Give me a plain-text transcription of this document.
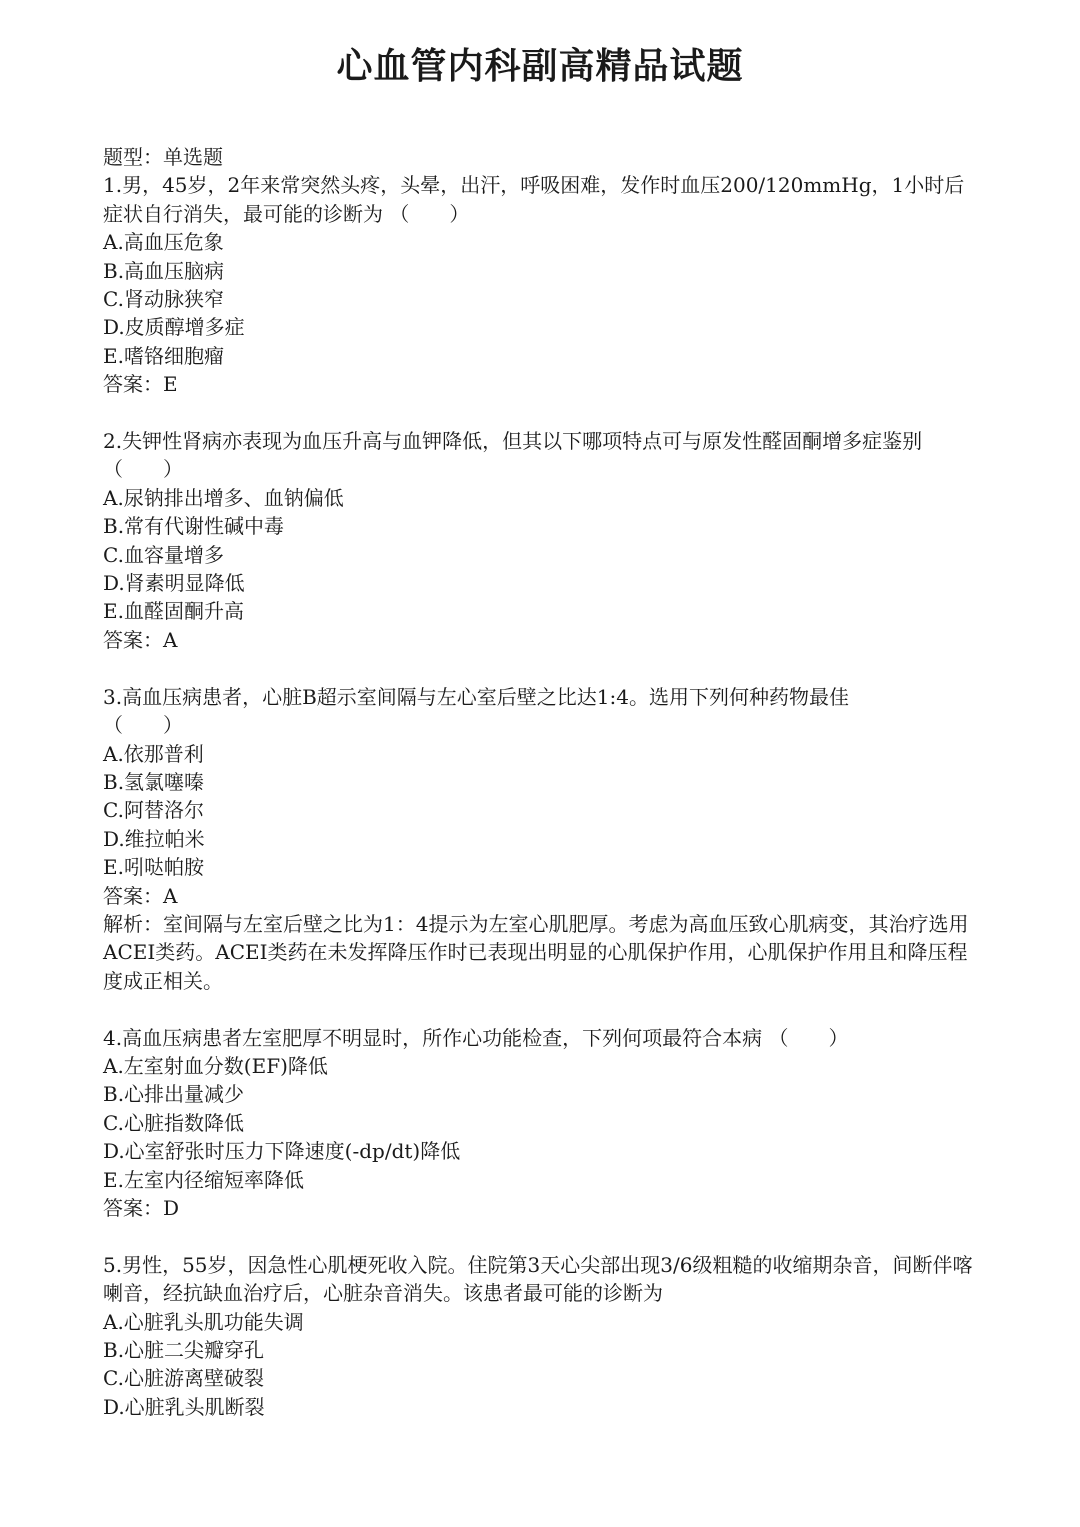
心血管内科副高精品试题

题型：单选题

1.男，45岁，2年来常突然头疼，头晕，出汗，呼吸困难，发作时血压200/120mmHg，1小时后症状自行消失，最可能的诊断为 （　　）

A.高血压危象
B.高血压脑病
C.肾动脉狭窄
D.皮质醇增多症
E.嗜铬细胞瘤

答案：E

2.失钾性肾病亦表现为血压升高与血钾降低，但其以下哪项特点可与原发性醛固酮增多症鉴别 （　　）

A.尿钠排出增多、血钠偏低
B.常有代谢性碱中毒
C.血容量增多
D.肾素明显降低
E.血醛固酮升高

答案：A

3.高血压病患者，心脏B超示室间隔与左心室后壁之比达1:4。选用下列何种药物最佳
（　　）

A.依那普利
B.氢氯噻嗪
C.阿替洛尔
D.维拉帕米
E.吲哒帕胺

答案：A

解析：室间隔与左室后壁之比为1：4提示为左室心肌肥厚。考虑为高血压致心肌病变，其治疗选用ACEI类药。ACEI类药在未发挥降压作时已表现出明显的心肌保护作用，心肌保护作用且和降压程度成正相关。

4.高血压病患者左室肥厚不明显时，所作心功能检查，下列何项最符合本病 （　　）

A.左室射血分数(EF)降低
B.心排出量减少
C.心脏指数降低
D.心室舒张时压力下降速度(-dp/dt)降低
E.左室内径缩短率降低

答案：D

5.男性，55岁，因急性心肌梗死收入院。住院第3天心尖部出现3/6级粗糙的收缩期杂音，间断伴喀喇音，经抗缺血治疗后，心脏杂音消失。该患者最可能的诊断为

A.心脏乳头肌功能失调
B.心脏二尖瓣穿孔
C.心脏游离壁破裂
D.心脏乳头肌断裂
